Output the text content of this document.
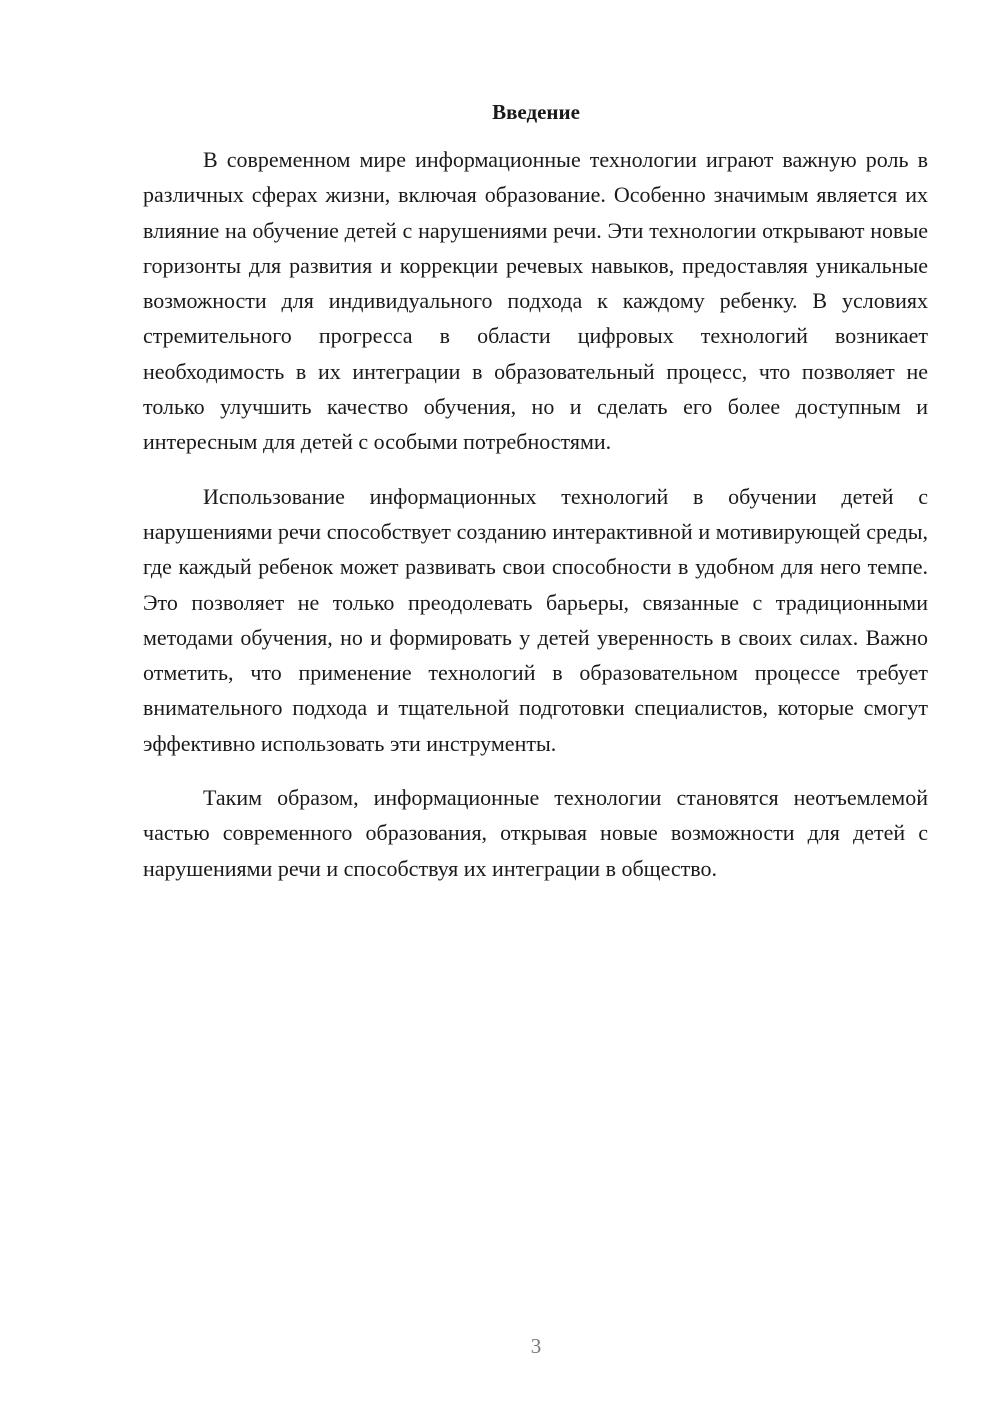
Введение

В современном мире информационные технологии играют важную роль в различных сферах жизни, включая образование. Особенно значимым является их влияние на обучение детей с нарушениями речи. Эти технологии открывают новые горизонты для развития и коррекции речевых навыков, предоставляя уникальные возможности для индивидуального подхода к каждому ребенку. В условиях стремительного прогресса в области цифровых технологий возникает необходимость в их интеграции в образовательный процесс, что позволяет не только улучшить качество обучения, но и сделать его более доступным и интересным для детей с особыми потребностями.

Использование информационных технологий в обучении детей с нарушениями речи способствует созданию интерактивной и мотивирующей среды, где каждый ребенок может развивать свои способности в удобном для него темпе. Это позволяет не только преодолевать барьеры, связанные с традиционными методами обучения, но и формировать у детей уверенность в своих силах. Важно отметить, что применение технологий в образовательном процессе требует внимательного подхода и тщательной подготовки специалистов, которые смогут эффективно использовать эти инструменты.

Таким образом, информационные технологии становятся неотъемлемой частью современного образования, открывая новые возможности для детей с нарушениями речи и способствуя их интеграции в общество.

3
